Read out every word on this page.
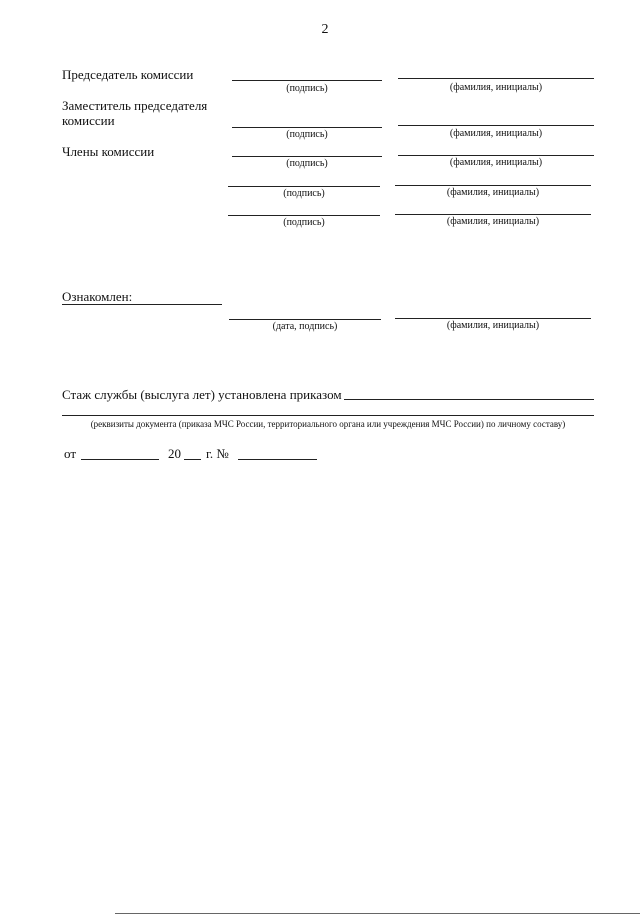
2
Председатель комиссии
(подпись)	(фамилия, инициалы)
Заместитель председателя комиссии
(подпись)	(фамилия, инициалы)
Члены комиссии
(подпись)	(фамилия, инициалы)
(подпись)	(фамилия, инициалы)
(подпись)	(фамилия, инициалы)
Ознакомлен:
(дата, подпись)	(фамилия, инициалы)
Стаж службы (выслуга лет) установлена приказом
(реквизиты документа (приказа МЧС России, территориального органа или учреждения МЧС России) по личному составу)
от	20 г. №
